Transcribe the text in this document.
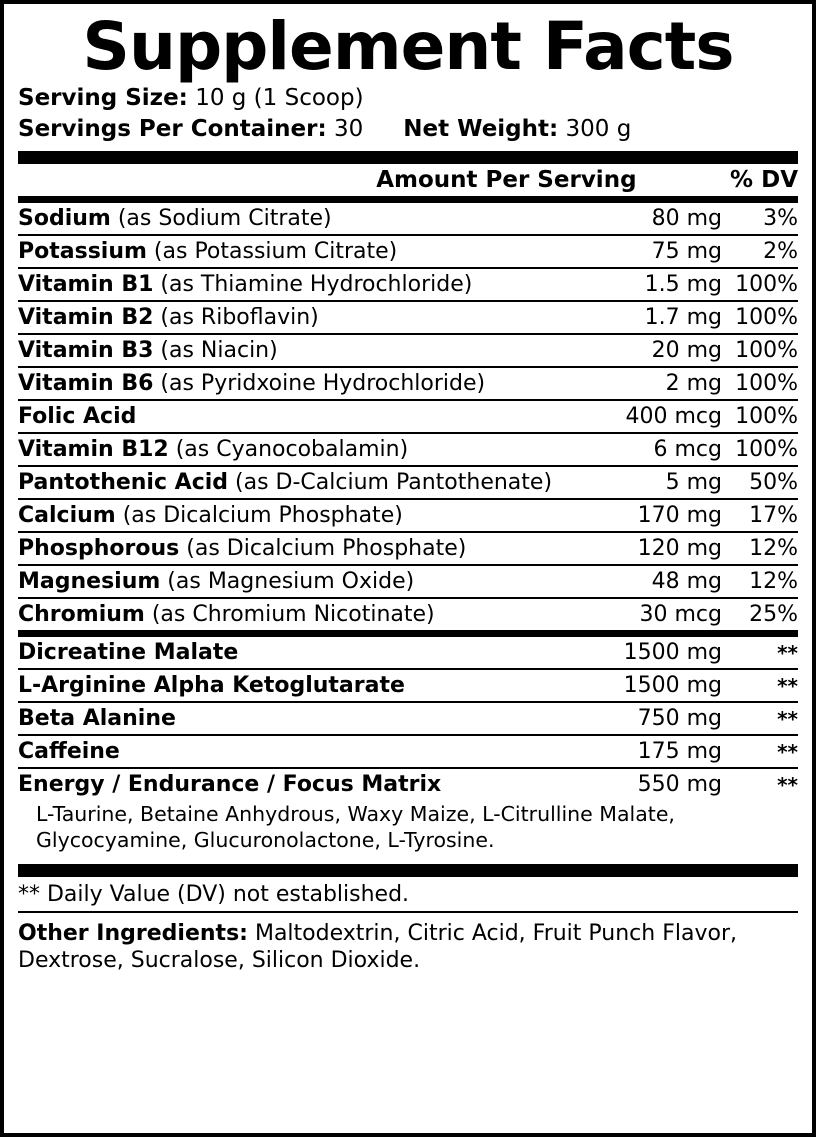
Supplement Facts
Serving Size:
10 g (1 Scoop)
Servings Per Container:
30 Net Weight:
300 g
	Amount Per Serving	% DV
Sodium (as Sodium Citrate)	80 mg	3%
Potassium (as Potassium Citrate)	75 mg	2%
Vitamin B1 (as Thiamine Hydrochloride)	1.5 mg	100%
Vitamin B2 (as Riboflavin)	1.7 mg	100%
Vitamin B3 (as Niacin)	20 mg	100%
Vitamin B6 (as Pyridxoine Hydrochloride)	2 mg	100%
Folic Acid	400 mcg	100%
Vitamin B12 (as Cyanocobalamin)	6 mcg	100%
Pantothenic Acid (as D-Calcium Pantothenate)	5 mg	50%
Calcium (as Dicalcium Phosphate)	170 mg	17%
Phosphorous (as Dicalcium Phosphate)	120 mg	12%
Magnesium (as Magnesium Oxide)	48 mg	12%
Chromium (as Chromium Nicotinate)	30 mcg	25%
Dicreatine Malate	1500 mg	**
L-Arginine Alpha Ketoglutarate	1500 mg	**
Beta Alanine	750 mg	**
Caffeine	175 mg	**
Energy / Endurance / Focus Matrix	550 mg	**
L-Taurine, Betaine Anhydrous, Waxy Maize, L-Citrulline Malate, Glycocyamine, Glucuronolactone, L-Tyrosine.
** Daily Value (DV) not established.
Other Ingredients: Maltodextrin, Citric Acid, Fruit Punch Flavor, Dextrose, Sucralose, Silicon Dioxide.
